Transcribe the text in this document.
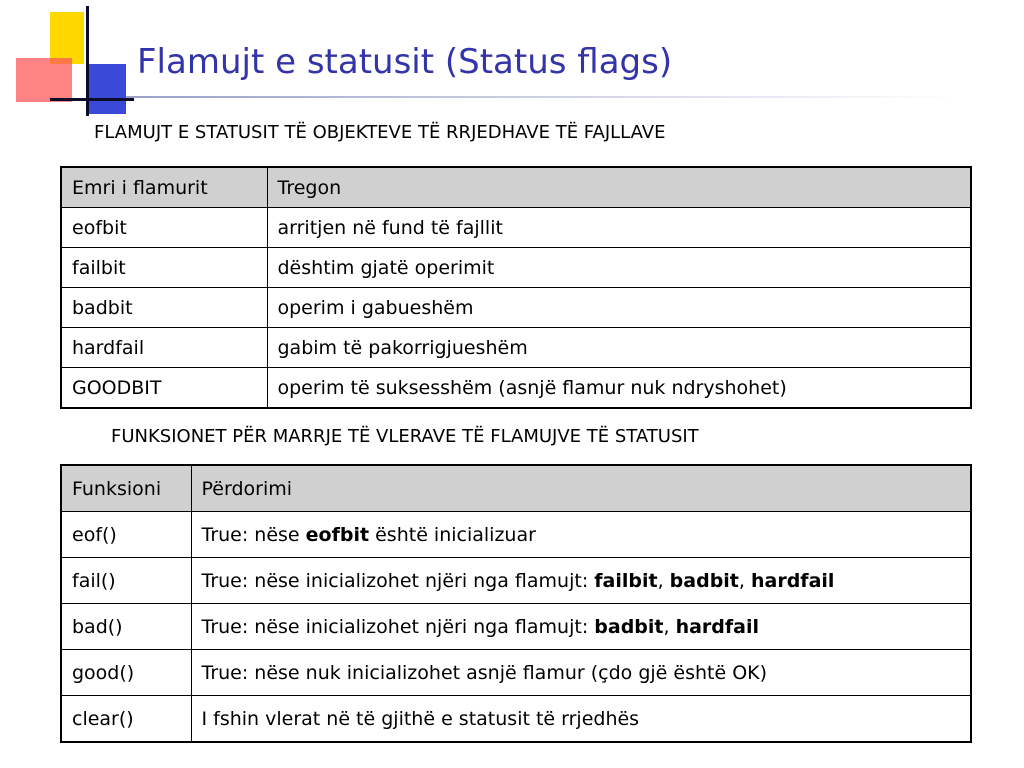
Flamujt e statusit (Status flags)
FLAMUJT E STATUSIT TË OBJEKTEVE TË RRJEDHAVE TË FAJLLAVE
Emri i flamurit	Tregon
eofbit	arritjen në fund të fajllit
failbit	dështim gjatë operimit
badbit	operim i gabueshëm
hardfail	gabim të pakorrigjueshëm
GOODBIT	operim të suksesshëm (asnjë flamur nuk ndryshohet)
FUNKSIONET PËR MARRJE TË VLERAVE TË FLAMUJVE TË STATUSIT
Funksioni	Përdorimi
eof()	True: nëse eofbit është inicializuar
fail()	True: nëse inicializohet njëri nga flamujt: failbit, badbit, hardfail
bad()	True: nëse inicializohet njëri nga flamujt: badbit, hardfail
good()	True: nëse nuk inicializohet asnjë flamur (çdo gjë është OK)
clear()	I fshin vlerat në të gjithë e statusit të rrjedhës
